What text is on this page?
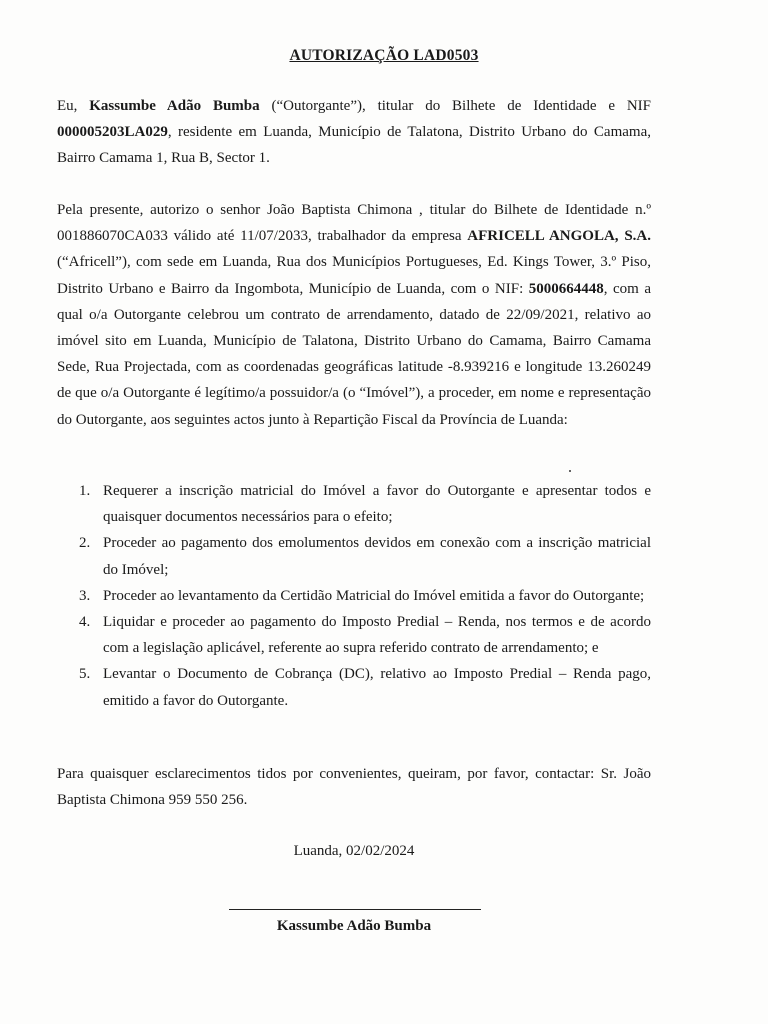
AUTORIZAÇÃO LAD0503

Eu, Kassumbe Adão Bumba (“Outorgante”), titular do Bilhete de Identidade e NIF 000005203LA029, residente em Luanda, Município de Talatona, Distrito Urbano do Camama, Bairro Camama 1, Rua B, Sector 1.

Pela presente, autorizo o senhor João Baptista Chimona , titular do Bilhete de Identidade n.º 001886070CA033 válido até 11/07/2033, trabalhador da empresa AFRICELL ANGOLA, S.A. (“Africell”), com sede em Luanda, Rua dos Municípios Portugueses, Ed. Kings Tower, 3.º Piso, Distrito Urbano e Bairro da Ingombota, Município de Luanda, com o NIF: 5000664448, com a qual o/a Outorgante celebrou um contrato de arrendamento, datado de 22/09/2021, relativo ao imóvel sito em Luanda, Município de Talatona, Distrito Urbano do Camama, Bairro Camama Sede, Rua Projectada, com as coordenadas geográficas latitude -8.939216 e longitude 13.260249 de que o/a Outorgante é legítimo/a possuidor/a (o “Imóvel”), a proceder, em nome e representação do Outorgante, aos seguintes actos junto à Repartição Fiscal da Província de Luanda:

1. Requerer a inscrição matricial do Imóvel a favor do Outorgante e apresentar todos e quaisquer documentos necessários para o efeito;
2. Proceder ao pagamento dos emolumentos devidos em conexão com a inscrição matricial do Imóvel;
3. Proceder ao levantamento da Certidão Matricial do Imóvel emitida a favor do Outorgante;
4. Liquidar e proceder ao pagamento do Imposto Predial – Renda, nos termos e de acordo com a legislação aplicável, referente ao supra referido contrato de arrendamento; e
5. Levantar o Documento de Cobrança (DC), relativo ao Imposto Predial – Renda pago, emitido a favor do Outorgante.

Para quaisquer esclarecimentos tidos por convenientes, queiram, por favor, contactar: Sr. João Baptista Chimona 959 550 256.

Luanda, 02/02/2024
Kassumbe Adão Bumba
